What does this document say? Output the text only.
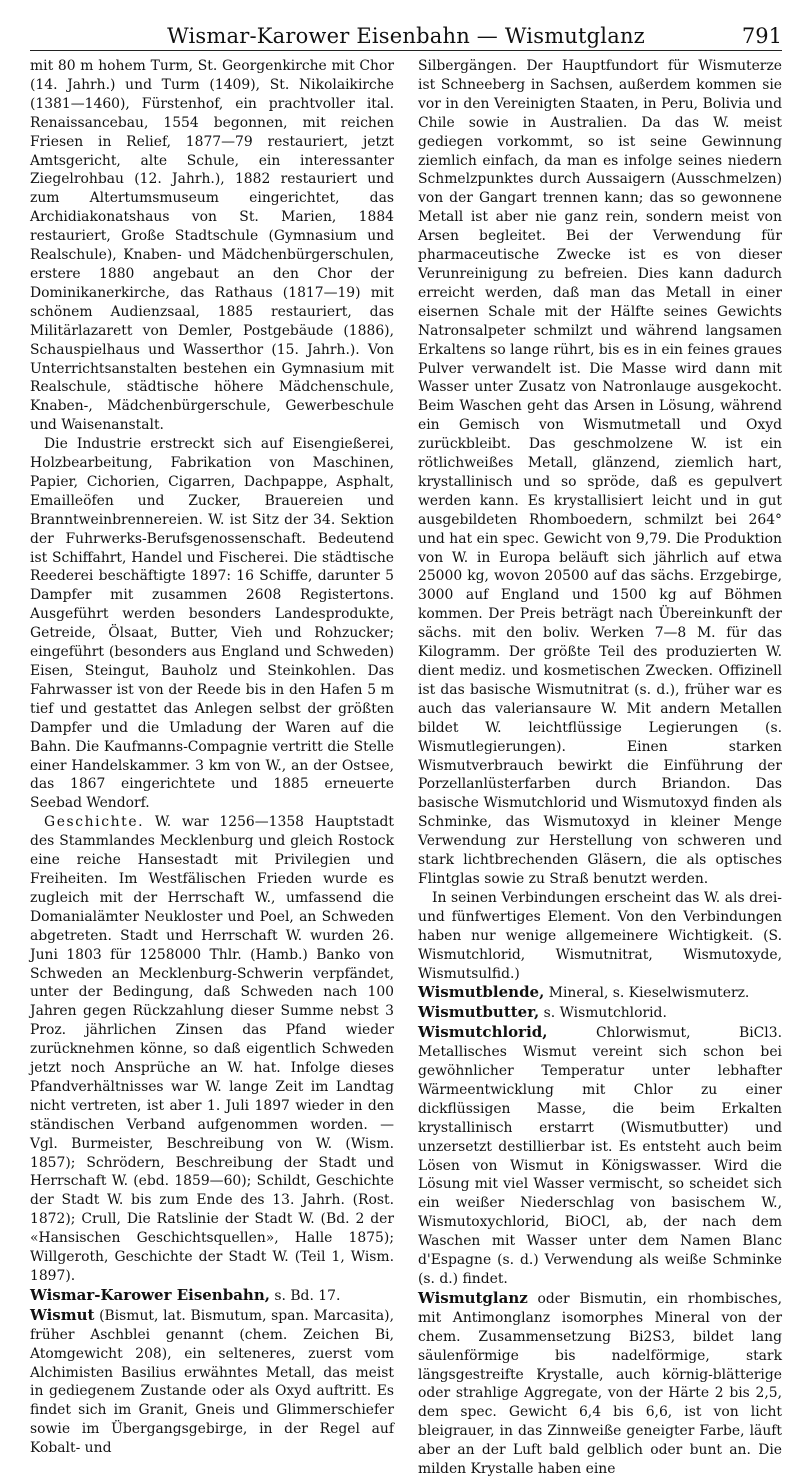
Wismar-Karower Eisenbahn — Wismutglanz	791

mit 80 m hohem Turm, St. Georgenkirche mit Chor (14. Jahrh.) und Turm (1409), St. Nikolaikirche (1381—1460), Fürstenhof, ein prachtvoller ital. Renaissancebau, 1554 begonnen, mit reichen Friesen in Relief, 1877—79 restauriert, jetzt Amtsgericht, alte Schule, ein interessanter Ziegelrohbau (12. Jahrh.), 1882 restauriert und zum Altertumsmuseum eingerichtet, das Archidiakonatshaus von St. Marien, 1884 restauriert, Große Stadtschule (Gymnasium und Realschule), Knaben- und Mädchenbürgerschulen, erstere 1880 angebaut an den Chor der Dominikanerkirche, das Rathaus (1817—19) mit schönem Audienzsaal, 1885 restauriert, das Militärlazarett von Demler, Postgebäude (1886), Schauspielhaus und Wasserthor (15. Jahrh.). Von Unterrichtsanstalten bestehen ein Gymnasium mit Realschule, städtische höhere Mädchenschule, Knaben-, Mädchenbürgerschule, Gewerbeschule und Waisenanstalt.

Die Industrie erstreckt sich auf Eisengießerei, Holzbearbeitung, Fabrikation von Maschinen, Papier, Cichorien, Cigarren, Dachpappe, Asphalt, Emailleöfen und Zucker, Brauereien und Branntweinbrennereien. W. ist Sitz der 34. Sektion der Fuhrwerks-Berufsgenossenschaft. Bedeutend ist Schiffahrt, Handel und Fischerei. Die städtische Reederei beschäftigte 1897: 16 Schiffe, darunter 5 Dampfer mit zusammen 2608 Registertons. Ausgeführt werden besonders Landesprodukte, Getreide, Ölsaat, Butter, Vieh und Rohzucker; eingeführt (besonders aus England und Schweden) Eisen, Steingut, Bauholz und Steinkohlen. Das Fahrwasser ist von der Reede bis in den Hafen 5 m tief und gestattet das Anlegen selbst der größten Dampfer und die Umladung der Waren auf die Bahn. Die Kaufmanns-Compagnie vertritt die Stelle einer Handelskammer. 3 km von W., an der Ostsee, das 1867 eingerichtete und 1885 erneuerte Seebad Wendorf.

Geschichte. W. war 1256—1358 Hauptstadt des Stammlandes Mecklenburg und gleich Rostock eine reiche Hansestadt mit Privilegien und Freiheiten. Im Westfälischen Frieden wurde es zugleich mit der Herrschaft W., umfassend die Domanialämter Neukloster und Poel, an Schweden abgetreten. Stadt und Herrschaft W. wurden 26. Juni 1803 für 1258000 Thlr. (Hamb.) Banko von Schweden an Mecklenburg-Schwerin verpfändet, unter der Bedingung, daß Schweden nach 100 Jahren gegen Rückzahlung dieser Summe nebst 3 Proz. jährlichen Zinsen das Pfand wieder zurücknehmen könne, so daß eigentlich Schweden jetzt noch Ansprüche an W. hat. Infolge dieses Pfandverhältnisses war W. lange Zeit im Landtag nicht vertreten, ist aber 1. Juli 1897 wieder in den ständischen Verband aufgenommen worden. — Vgl. Burmeister, Beschreibung von W. (Wism. 1857); Schrödern, Beschreibung der Stadt und Herrschaft W. (ebd. 1859—60); Schildt, Geschichte der Stadt W. bis zum Ende des 13. Jahrh. (Rost. 1872); Crull, Die Ratslinie der Stadt W. (Bd. 2 der «Hansischen Geschichtsquellen», Halle 1875); Willgeroth, Geschichte der Stadt W. (Teil 1, Wism. 1897).

Wismar-Karower Eisenbahn, s. Bd. 17.

Wismut (Bismut, lat. Bismutum, span. Marcasita), früher Aschblei genannt (chem. Zeichen Bi, Atomgewicht 208), ein selteneres, zuerst vom Alchimisten Basilius erwähntes Metall, das meist in gediegenem Zustande oder als Oxyd auftritt. Es findet sich im Granit, Gneis und Glimmerschiefer sowie im Übergangsgebirge, in der Regel auf Kobalt- und

Silbergängen. Der Hauptfundort für Wismuterze ist Schneeberg in Sachsen, außerdem kommen sie vor in den Vereinigten Staaten, in Peru, Bolivia und Chile sowie in Australien. Da das W. meist gediegen vorkommt, so ist seine Gewinnung ziemlich einfach, da man es infolge seines niedern Schmelzpunktes durch Aussaigern (Ausschmelzen) von der Gangart trennen kann; das so gewonnene Metall ist aber nie ganz rein, sondern meist von Arsen begleitet. Bei der Verwendung für pharmaceutische Zwecke ist es von dieser Verunreinigung zu befreien. Dies kann dadurch erreicht werden, daß man das Metall in einer eisernen Schale mit der Hälfte seines Gewichts Natronsalpeter schmilzt und während langsamen Erkaltens so lange rührt, bis es in ein feines graues Pulver verwandelt ist. Die Masse wird dann mit Wasser unter Zusatz von Natronlauge ausgekocht. Beim Waschen geht das Arsen in Lösung, während ein Gemisch von Wismutmetall und Oxyd zurückbleibt. Das geschmolzene W. ist ein rötlichweißes Metall, glänzend, ziemlich hart, krystallinisch und so spröde, daß es gepulvert werden kann. Es krystallisiert leicht und in gut ausgebildeten Rhomboedern, schmilzt bei 264° und hat ein spec. Gewicht von 9,79. Die Produktion von W. in Europa beläuft sich jährlich auf etwa 25000 kg, wovon 20500 auf das sächs. Erzgebirge, 3000 auf England und 1500 kg auf Böhmen kommen. Der Preis beträgt nach Übereinkunft der sächs. mit den boliv. Werken 7—8 M. für das Kilogramm. Der größte Teil des produzierten W. dient mediz. und kosmetischen Zwecken. Offizinell ist das basische Wismutnitrat (s. d.), früher war es auch das valeriansaure W. Mit andern Metallen bildet W. leichtflüssige Legierungen (s. Wismutlegierungen). Einen starken Wismutverbrauch bewirkt die Einführung der Porzellanlüsterfarben durch Briandon. Das basische Wismutchlorid und Wismutoxyd finden als Schminke, das Wismutoxyd in kleiner Menge Verwendung zur Herstellung von schweren und stark lichtbrechenden Gläsern, die als optisches Flintglas sowie zu Straß benutzt werden.

In seinen Verbindungen erscheint das W. als drei- und fünfwertiges Element. Von den Verbindungen haben nur wenige allgemeinere Wichtigkeit. (S. Wismutchlorid, Wismutnitrat, Wismutoxyde, Wismutsulfid.)

Wismutblende, Mineral, s. Kieselwismuterz.

Wismutbutter, s. Wismutchlorid.

Wismutchlorid, Chlorwismut, BiCl3. Metallisches Wismut vereint sich schon bei gewöhnlicher Temperatur unter lebhafter Wärmeentwicklung mit Chlor zu einer dickflüssigen Masse, die beim Erkalten krystallinisch erstarrt (Wismutbutter) und unzersetzt destillierbar ist. Es entsteht auch beim Lösen von Wismut in Königswasser. Wird die Lösung mit viel Wasser vermischt, so scheidet sich ein weißer Niederschlag von basischem W., Wismutoxychlorid, BiOCl, ab, der nach dem Waschen mit Wasser unter dem Namen Blanc d'Espagne (s. d.) Verwendung als weiße Schminke (s. d.) findet.

Wismutglanz oder Bismutin, ein rhombisches, mit Antimonglanz isomorphes Mineral von der chem. Zusammensetzung Bi2S3, bildet lang säulenförmige bis nadelförmige, stark längsgestreifte Krystalle, auch körnig-blätterige oder strahlige Aggregate, von der Härte 2 bis 2,5, dem spec. Gewicht 6,4 bis 6,6, ist von licht bleigrauer, in das Zinnweiße geneigter Farbe, läuft aber an der Luft bald gelblich oder bunt an. Die milden Krystalle haben eine
